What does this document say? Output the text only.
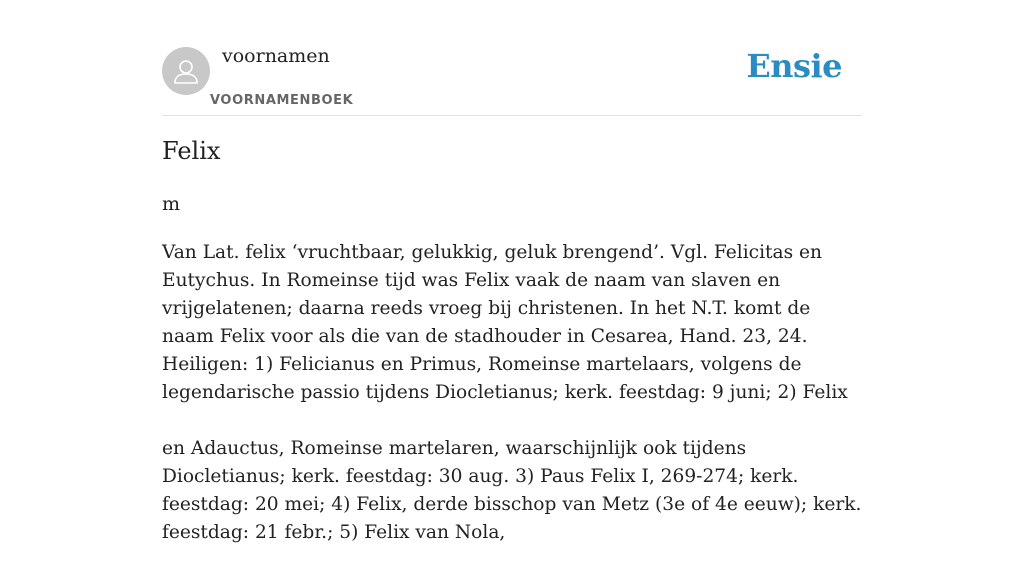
voornamen
VOORNAMENBOEK
Ensie
Felix

m

Van Lat. felix ‘vruchtbaar, gelukkig, geluk brengend’. Vgl. Felicitas en Eutychus. In Romeinse tijd was Felix vaak de naam van slaven en vrijgelatenen; daarna reeds vroeg bij christenen. In het N.T. komt de naam Felix voor als die van de stadhouder in Cesarea, Hand. 23, 24. Heiligen: 1) Felicianus en Primus, Romeinse martelaars, volgens de legendarische passio tijdens Diocletianus; kerk. feestdag: 9 juni; 2) Felix

en Adauctus, Romeinse martelaren, waarschijnlijk ook tijdens Diocletianus; kerk. feestdag: 30 aug. 3) Paus Felix I, 269-274; kerk. feestdag: 20 mei; 4) Felix, derde bisschop van Metz (3e of 4e eeuw); kerk. feestdag: 21 febr.; 5) Felix van Nola,
